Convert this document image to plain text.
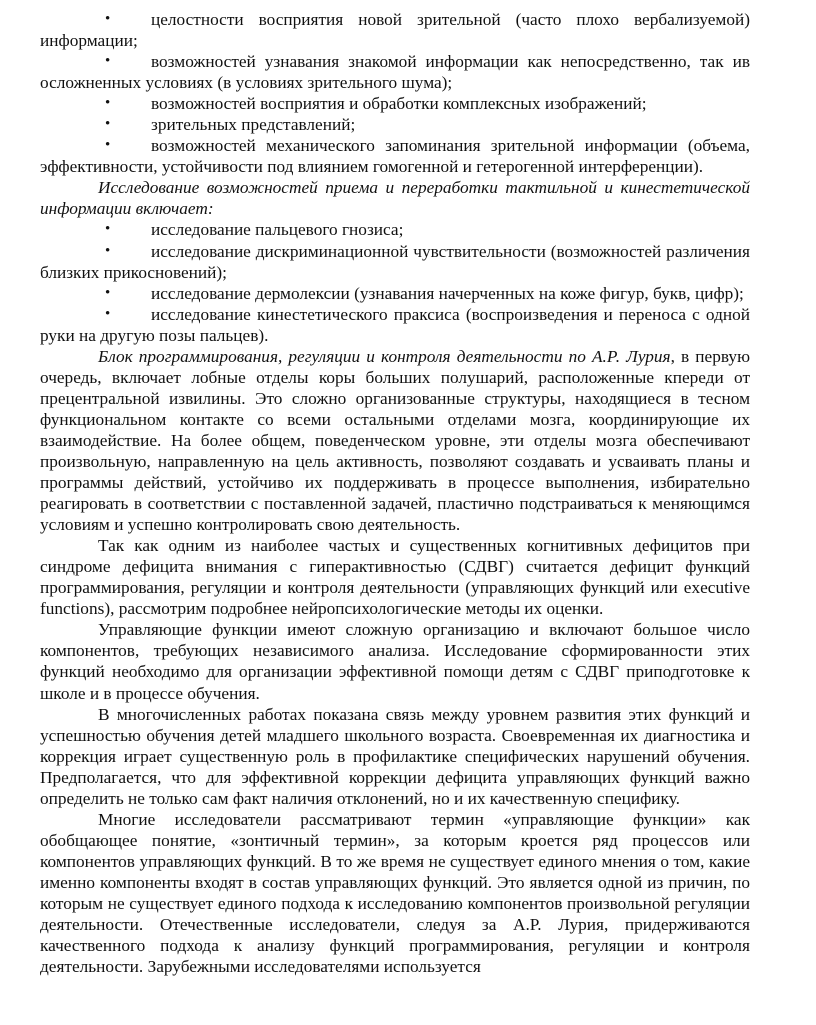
• целостности восприятия новой зрительной (часто плохо вербализуемой) информации;

• возможностей узнавания знакомой информации как непосредственно, так ив осложненных условиях (в условиях зрительного шума);

• возможностей восприятия и обработки комплексных изображений;

• зрительных представлений;

• возможностей механического запоминания зрительной информации (объема, эффективности, устойчивости под влиянием гомогенной и гетерогенной интерференции).

Исследование возможностей приема и переработки тактильной и кинестетической информации включает:

• исследование пальцевого гнозиса;

• исследование дискриминационной чувствительности (возможностей различения близких прикосновений);

• исследование дермолексии (узнавания начерченных на коже фигур, букв, цифр);

• исследование кинестетического праксиса (воспроизведения и переноса с одной руки на другую позы пальцев).

Блок программирования, регуляции и контроля деятельности по А.Р. Лурия, в первую очередь, включает лобные отделы коры больших полушарий, расположенные кпереди от прецентральной извилины. Это сложно организованные структуры, находящиеся в тесном функциональном контакте со всеми остальными отделами мозга, координирующие их взаимодействие. На более общем, поведенческом уровне, эти отделы мозга обеспечивают произвольную, направленную на цель активность, позволяют создавать и усваивать планы и программы действий, устойчиво их поддерживать в процессе выполнения, избирательно реагировать в соответствии с поставленной задачей, пластично подстраиваться к меняющимся условиям и успешно контролировать свою деятельность.

Так как одним из наиболее частых и существенных когнитивных дефицитов при синдроме дефицита внимания с гиперактивностью (СДВГ) считается дефицит функций программирования, регуляции и контроля деятельности (управляющих функций или executive functions), рассмотрим подробнее нейропсихологические методы их оценки.

Управляющие функции имеют сложную организацию и включают большое число компонентов, требующих независимого анализа. Исследование сформированности этих функций необходимо для организации эффективной помощи детям с СДВГ приподготовке к школе и в процессе обучения.

В многочисленных работах показана связь между уровнем развития этих функций и успешностью обучения детей младшего школьного возраста. Своевременная их диагностика и коррекция играет существенную роль в профилактике специфических нарушений обучения. Предполагается, что для эффективной коррекции дефицита управляющих функций важно определить не только сам факт наличия отклонений, но и их качественную специфику.

Многие исследователи рассматривают термин «управляющие функции» как обобщающее понятие, «зонтичный термин», за которым кроется ряд процессов или компонентов управляющих функций. В то же время не существует единого мнения о том, какие именно компоненты входят в состав управляющих функций. Это является одной из причин, по которым не существует единого подхода к исследованию компонентов произвольной регуляции деятельности. Отечественные исследователи, следуя за А.Р. Лурия, придерживаются качественного подхода к анализу функций программирования, регуляции и контроля деятельности. Зарубежными исследователями используется
